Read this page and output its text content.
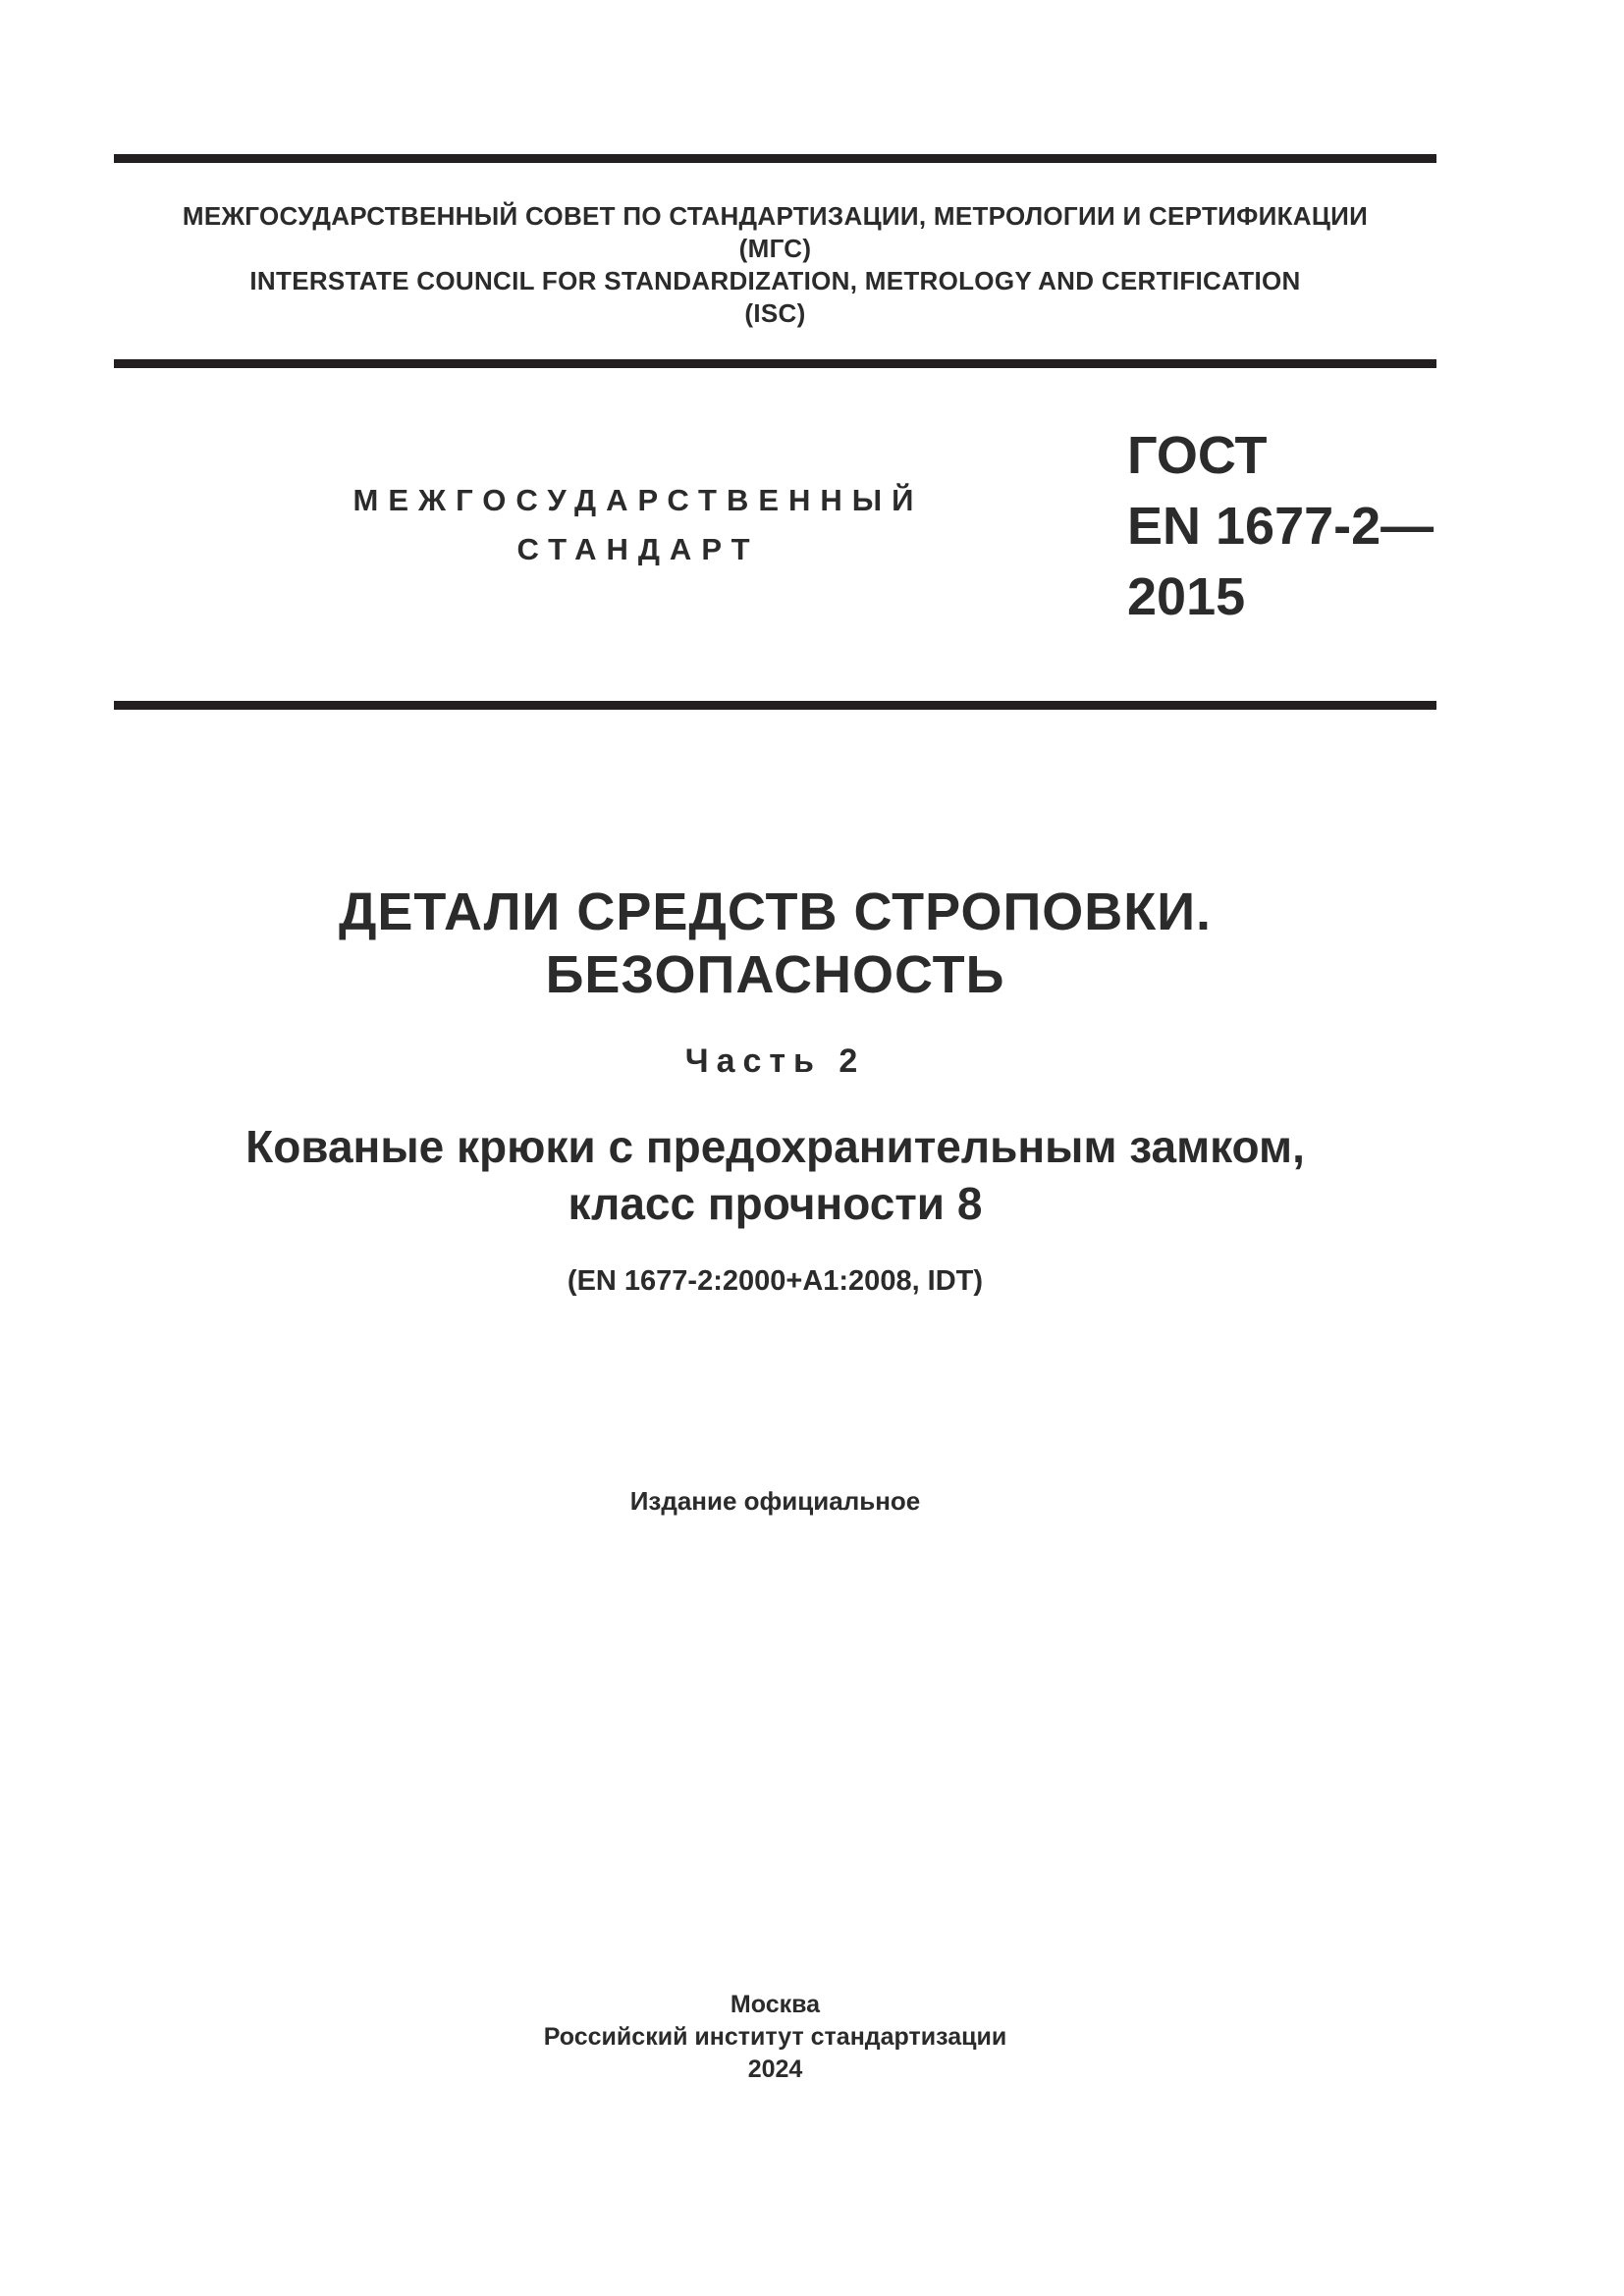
МЕЖГОСУДАРСТВЕННЫЙ СОВЕТ ПО СТАНДАРТИЗАЦИИ, МЕТРОЛОГИИ И СЕРТИФИКАЦИИ
(МГС)
INTERSTATE COUNCIL FOR STANDARDIZATION, METROLOGY AND CERTIFICATION
(ISC)
МЕЖГОСУДАРСТВЕННЫЙ
СТАНДАРТ
ГОСТ
EN 1677-2—
2015
ДЕТАЛИ СРЕДСТВ СТРОПОВКИ.
БЕЗОПАСНОСТЬ
Часть 2
Кованые крюки с предохранительным замком,
класс прочности 8
(EN 1677-2:2000+A1:2008, IDT)
Издание официальное
Москва
Российский институт стандартизации
2024
